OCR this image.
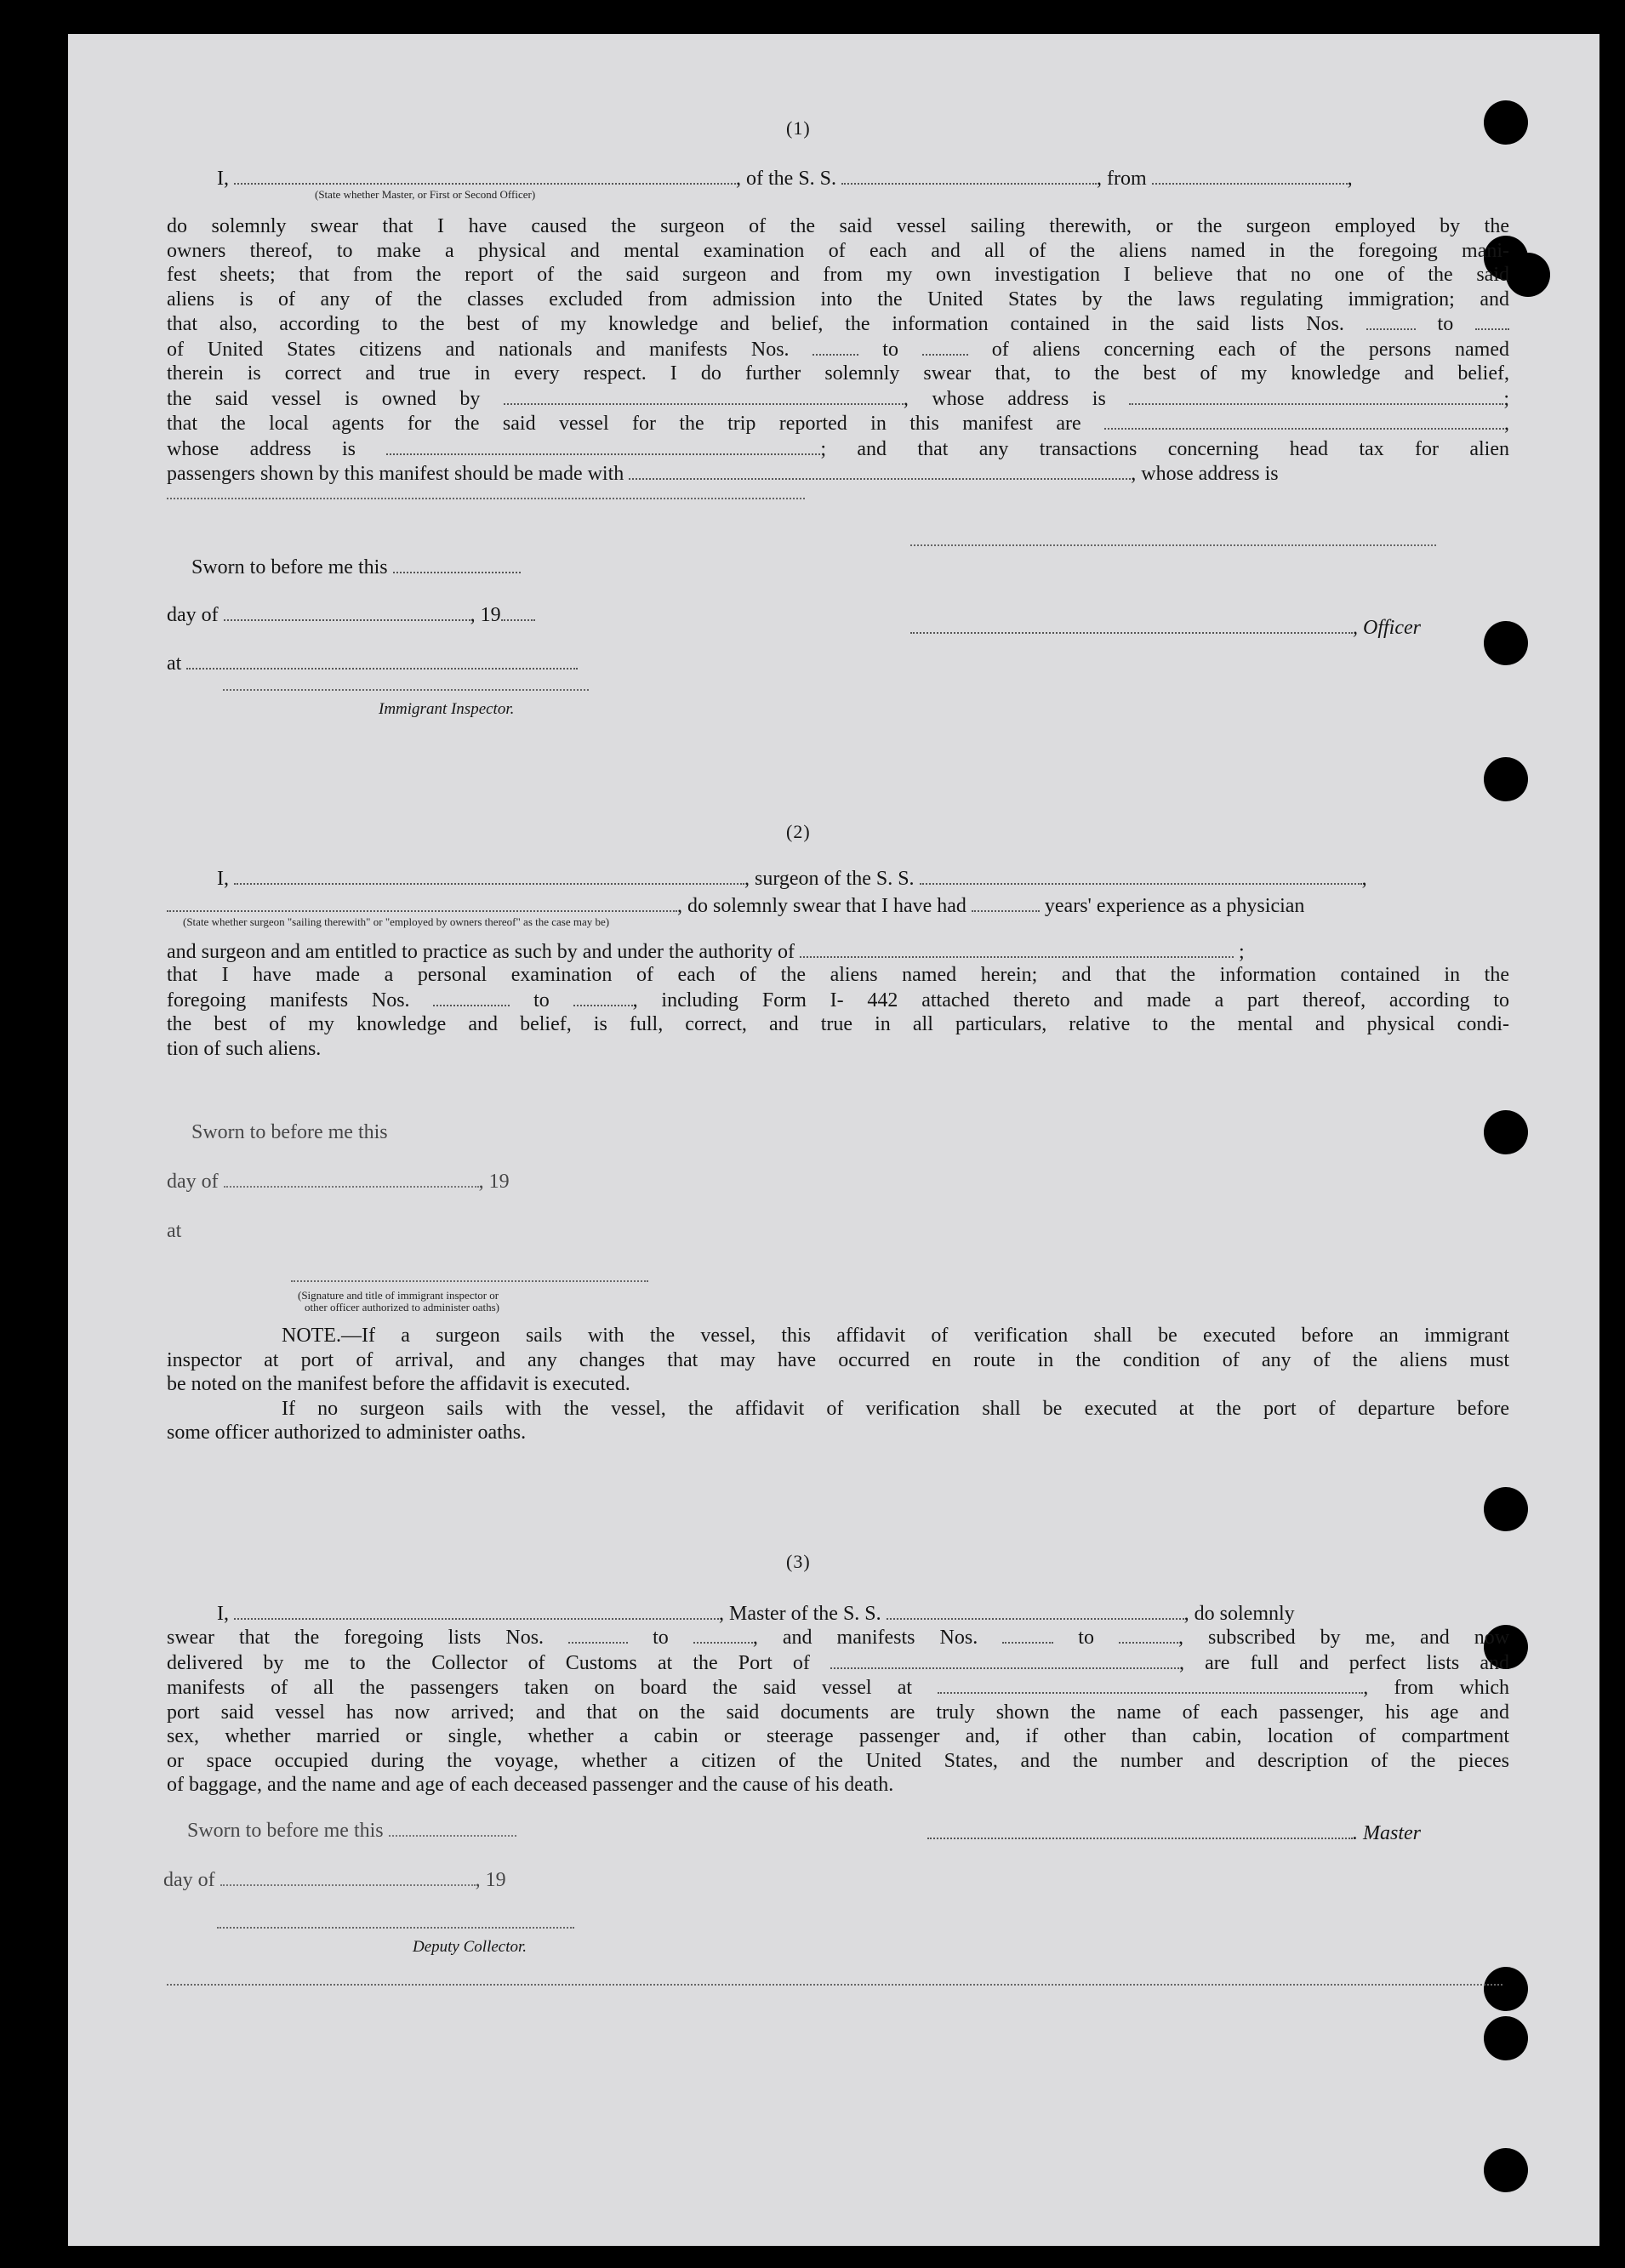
(1)
I,	, of the S. S.	, from	,
(State whether Master, or First or Second Officer)
do solemnly swear that I have caused the surgeon of the said vessel sailing therewith, or the surgeon employed by the
owners thereof, to make a physical and mental examination of each and all of the aliens named in the foregoing mani-
fest sheets; that from the report of the said surgeon and from my own investigation I believe that no one of the said
aliens is of any of the classes excluded from admission into the United States by the laws regulating immigration; and
that also, according to the best of my knowledge and belief, the information contained in the said lists Nos.	to
of United States citizens and nationals and manifests Nos.	to	of aliens concerning each of the persons named
therein is correct and true in every respect. I do further solemnly swear that, to the best of my knowledge and belief,
the said vessel is owned by	, whose address is	;
that the local agents for the said vessel for the trip reported in this manifest are	,
whose address is	; and that any transactions concerning head tax for alien
passengers shown by this manifest should be made with	, whose address is
Sworn to before me this
day of	, 19
, Officer
at
Immigrant Inspector.
(2)
I,	, surgeon of the S. S.	,
, do solemnly swear that I have had	years' experience as a physician
(State whether surgeon "sailing therewith" or "employed by owners thereof" as the case may be)
and surgeon and am entitled to practice as such by and under the authority of	;
that I have made a personal examination of each of the aliens named herein; and that the information contained in the
foregoing manifests Nos.	to	, including Form I- 442 attached thereto and made a part thereof, according to
the best of my knowledge and belief, is full, correct, and true in all particulars, relative to the mental and physical condi-
tion of such aliens.
Sworn to before me this
day of	, 19
at
(Signature and title of immigrant inspector or
other officer authorized to administer oaths)
NOTE.—If a surgeon sails with the vessel, this affidavit of verification shall be executed before an immigrant
inspector at port of arrival, and any changes that may have occurred en route in the condition of any of the aliens must
be noted on the manifest before the affidavit is executed.
If no surgeon sails with the vessel, the affidavit of verification shall be executed at the port of departure before
some officer authorized to administer oaths.
(3)
I,	, Master of the S. S.	, do solemnly
swear that the foregoing lists Nos.	to	, and manifests Nos.	to	, subscribed by me, and now
delivered by me to the Collector of Customs at the Port of	, are full and perfect lists and
manifests of all the passengers taken on board the said vessel at	, from which
port said vessel has now arrived; and that on the said documents are truly shown the name of each passenger, his age and
sex, whether married or single, whether a cabin or steerage passenger and, if other than cabin, location of compartment
or space occupied during the voyage, whether a citizen of the United States, and the number and description of the pieces
of baggage, and the name and age of each deceased passenger and the cause of his death.
Sworn to before me this	. Master
day of	, 19
Deputy Collector.
